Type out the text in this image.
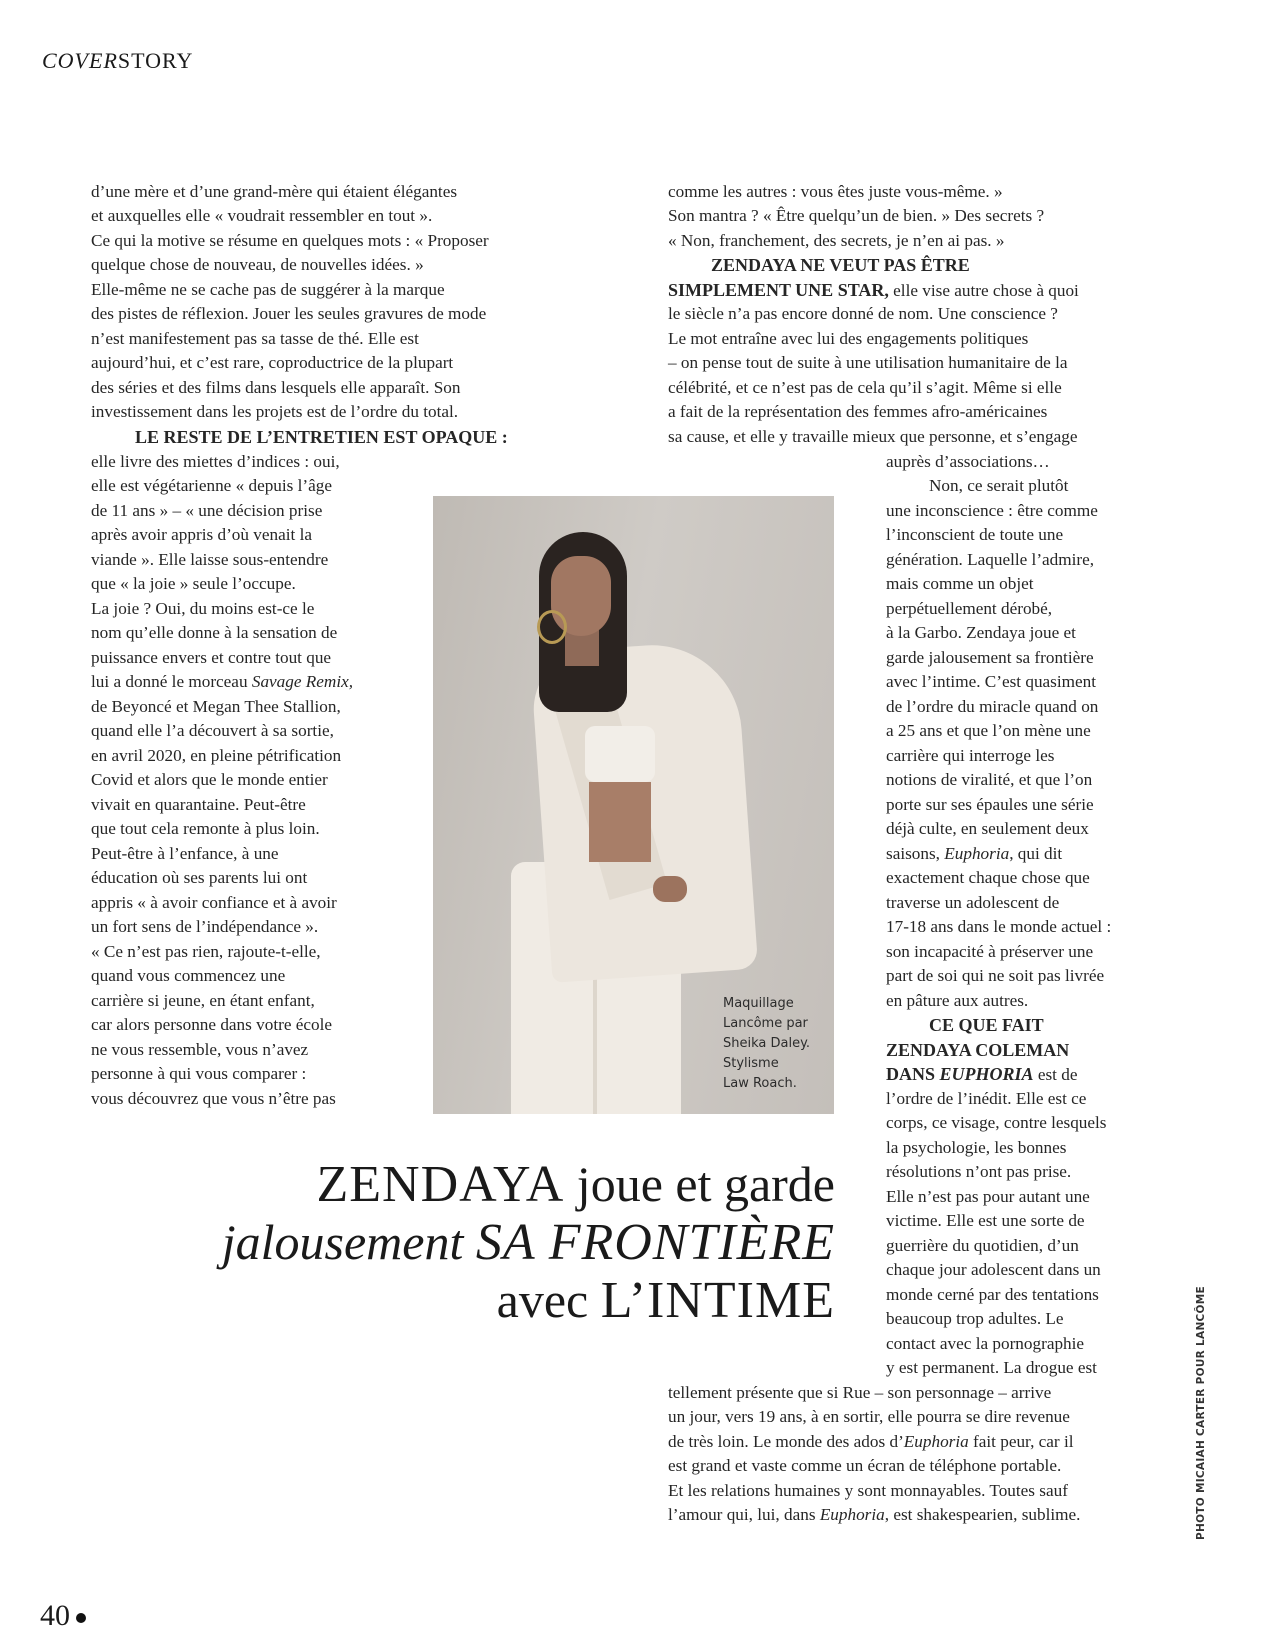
COVERSTORY
d’une mère et d’une grand-mère qui étaient élégantes
et auxquelles elle « voudrait ressembler en tout ».
Ce qui la motive se résume en quelques mots : « Proposer
quelque chose de nouveau, de nouvelles idées. »
Elle-même ne se cache pas de suggérer à la marque
des pistes de réflexion. Jouer les seules gravures de mode
n’est manifestement pas sa tasse de thé. Elle est
aujourd’hui, et c’est rare, coproductrice de la plupart
des séries et des films dans lesquels elle apparaît. Son
investissement dans les projets est de l’ordre du total.
LE RESTE DE L’ENTRETIEN EST OPAQUE :
elle livre des miettes d’indices : oui,
elle est végétarienne « depuis l’âge
de 11 ans » – « une décision prise
après avoir appris d’où venait la
viande ». Elle laisse sous-entendre
que « la joie » seule l’occupe.
La joie ? Oui, du moins est-ce le
nom qu’elle donne à la sensation de
puissance envers et contre tout que
lui a donné le morceau Savage Remix,
de Beyoncé et Megan Thee Stallion,
quand elle l’a découvert à sa sortie,
en avril 2020, en pleine pétrification
Covid et alors que le monde entier
vivait en quarantaine. Peut-être
que tout cela remonte à plus loin.
Peut-être à l’enfance, à une
éducation où ses parents lui ont
appris « à avoir confiance et à avoir
un fort sens de l’indépendance ».
« Ce n’est pas rien, rajoute-t-elle,
quand vous commencez une
carrière si jeune, en étant enfant,
car alors personne dans votre école
ne vous ressemble, vous n’avez
personne à qui vous comparer :
vous découvrez que vous n’être pas
Maquillage
Lancôme par
Sheika Daley.
Stylisme
Law Roach.
ZENDAYA joue et garde
jalousement SA FRONTIÈRE
avec L’INTIME
comme les autres : vous êtes juste vous-même. »
Son mantra ? « Être quelqu’un de bien. » Des secrets ?
« Non, franchement, des secrets, je n’en ai pas. »
ZENDAYA NE VEUT PAS ÊTRE
SIMPLEMENT UNE STAR, elle vise autre chose à quoi
le siècle n’a pas encore donné de nom. Une conscience ?
Le mot entraîne avec lui des engagements politiques
– on pense tout de suite à une utilisation humanitaire de la
célébrité, et ce n’est pas de cela qu’il s’agit. Même si elle
a fait de la représentation des femmes afro-américaines
sa cause, et elle y travaille mieux que personne, et s’engage
auprès d’associations…
Non, ce serait plutôt
une inconscience : être comme
l’inconscient de toute une
génération. Laquelle l’admire,
mais comme un objet
perpétuellement dérobé,
à la Garbo. Zendaya joue et
garde jalousement sa frontière
avec l’intime. C’est quasiment
de l’ordre du miracle quand on
a 25 ans et que l’on mène une
carrière qui interroge les
notions de viralité, et que l’on
porte sur ses épaules une série
déjà culte, en seulement deux
saisons, Euphoria, qui dit
exactement chaque chose que
traverse un adolescent de
17-18 ans dans le monde actuel :
son incapacité à préserver une
part de soi qui ne soit pas livrée
en pâture aux autres.
CE QUE FAIT
ZENDAYA COLEMAN
DANS EUPHORIA est de
l’ordre de l’inédit. Elle est ce
corps, ce visage, contre lesquels
la psychologie, les bonnes
résolutions n’ont pas prise.
Elle n’est pas pour autant une
victime. Elle est une sorte de
guerrière du quotidien, d’un
chaque jour adolescent dans un
monde cerné par des tentations
beaucoup trop adultes. Le
contact avec la pornographie
y est permanent. La drogue est
tellement présente que si Rue – son personnage – arrive
un jour, vers 19 ans, à en sortir, elle pourra se dire revenue
de très loin. Le monde des ados d’Euphoria fait peur, car il
est grand et vaste comme un écran de téléphone portable.
Et les relations humaines y sont monnayables. Toutes sauf
l’amour qui, lui, dans Euphoria, est shakespearien, sublime.	PHOTO MICAIAH CARTER POUR LANCÔME
40
